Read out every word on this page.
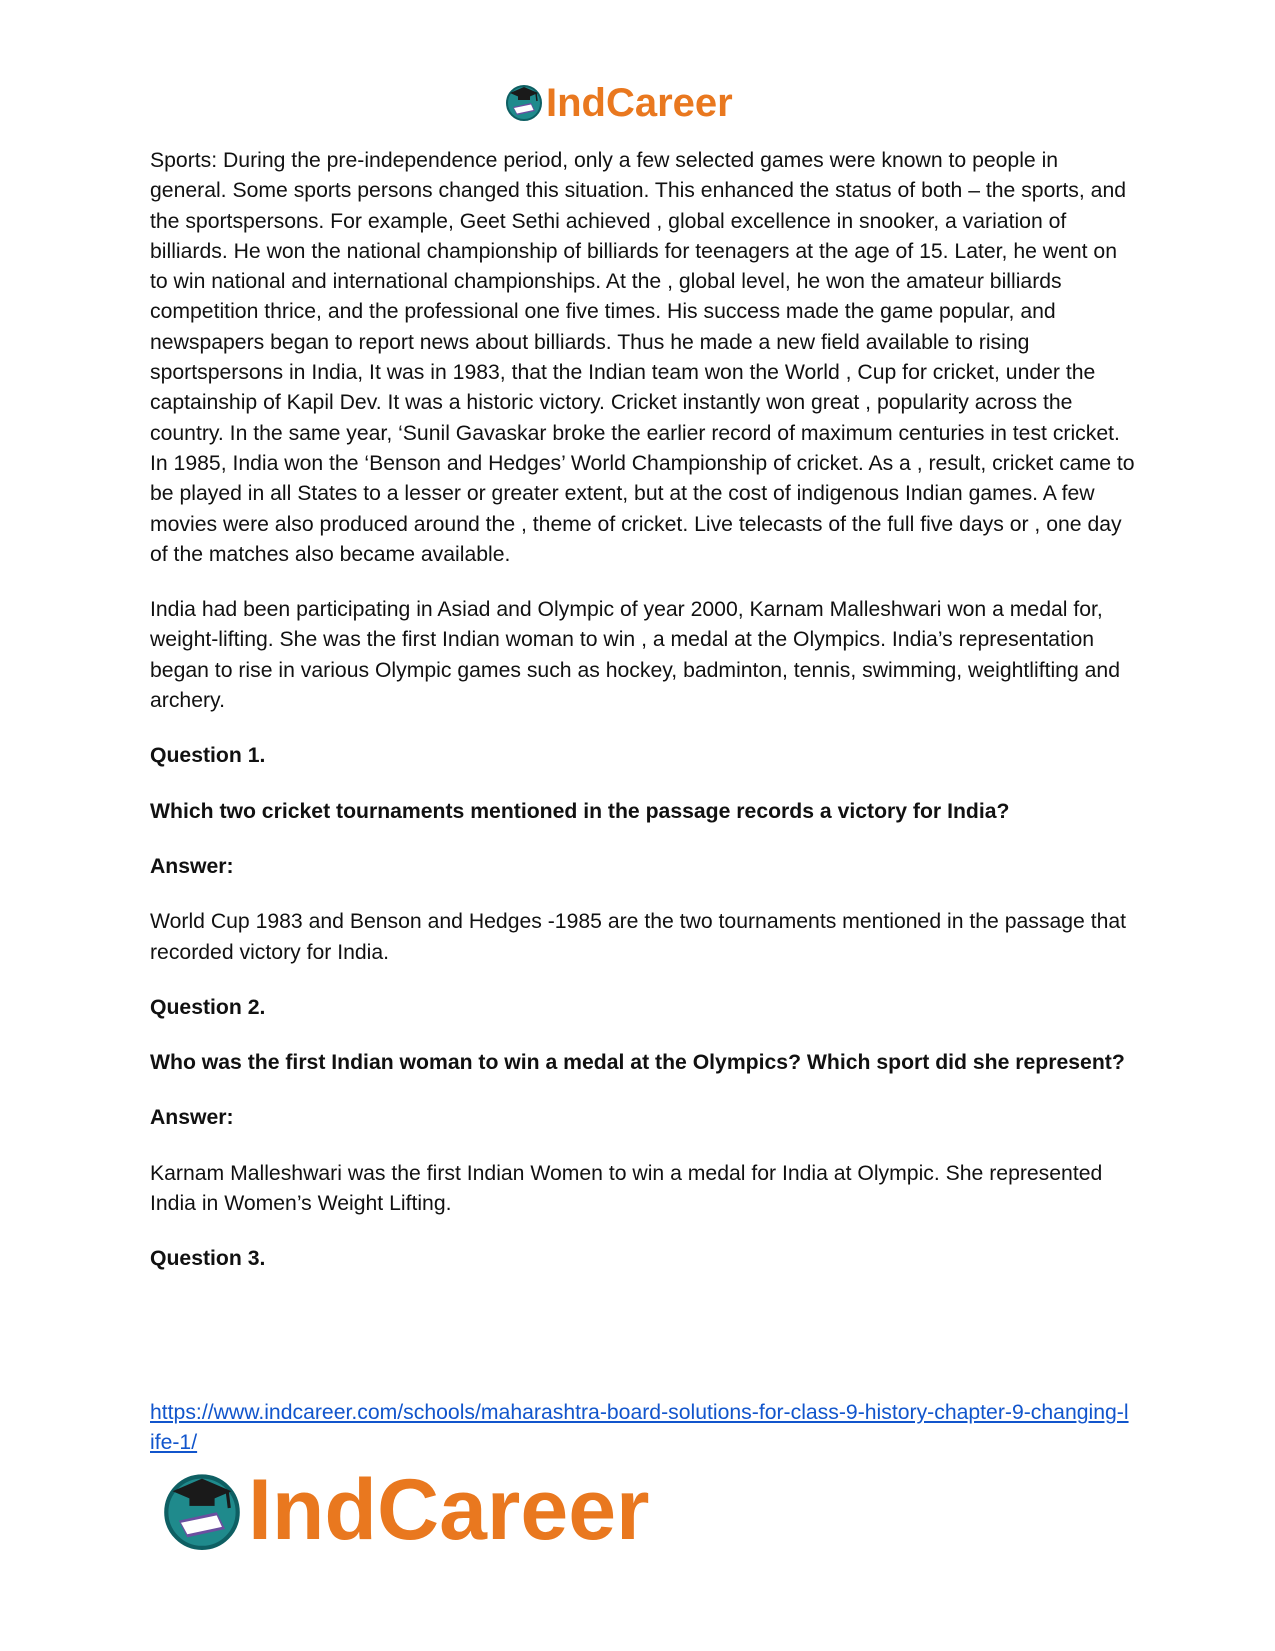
IndCareer

Sports: During the pre-independence period, only a few selected games were known to people in general. Some sports persons changed this situation. This enhanced the status of both – the sports, and the sportspersons. For example, Geet Sethi achieved , global excellence in snooker, a variation of billiards. He won the national championship of billiards for teenagers at the age of 15. Later, he went on to win national and international championships. At the , global level, he won the amateur billiards competition thrice, and the professional one five times. His success made the game popular, and newspapers began to report news about billiards. Thus he made a new field available to rising sportspersons in India, It was in 1983, that the Indian team won the World , Cup for cricket, under the captainship of Kapil Dev. It was a historic victory. Cricket instantly won great , popularity across the country. In the same year, ‘Sunil Gavaskar broke the earlier record of maximum centuries in test cricket. In 1985, India won the ‘Benson and Hedges’ World Championship of cricket. As a , result, cricket came to be played in all States to a lesser or greater extent, but at the cost of indigenous Indian games. A few movies were also produced around the , theme of cricket. Live telecasts of the full five days or , one day of the matches also became available.

India had been participating in Asiad and Olympic of year 2000, Karnam Malleshwari won a medal for, weight-lifting. She was the first Indian woman to win , a medal at the Olympics. India’s representation began to rise in various Olympic games such as hockey, badminton, tennis, swimming, weightlifting and archery.

Question 1.
Which two cricket tournaments mentioned in the passage records a victory for India?
Answer:

World Cup 1983 and Benson and Hedges -1985 are the two tournaments mentioned in the passage that recorded victory for India.

Question 2.
Who was the first Indian woman to win a medal at the Olympics? Which sport did she represent?
Answer:

Karnam Malleshwari was the first Indian Women to win a medal for India at Olympic. She represented India in Women’s Weight Lifting.

Question 3.
https://www.indcareer.com/schools/maharashtra-board-solutions-for-class-9-history-chapter-9-changing-life-1/
IndCareer
